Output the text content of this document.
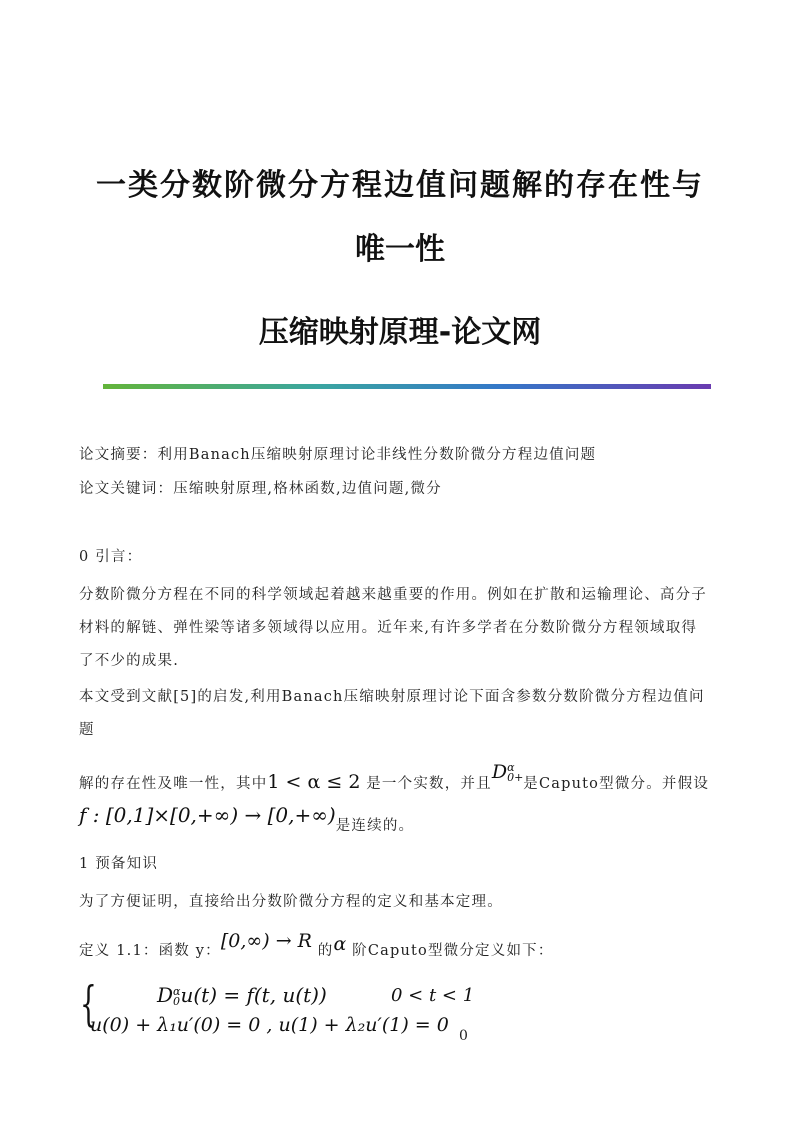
一类分数阶微分方程边值问题解的存在性与
唯一性
压缩映射原理-论文网
论文摘要：利用Banach压缩映射原理讨论非线性分数阶微分方程边值问题
论文关键词：压缩映射原理,格林函数,边值问题,微分
0 引言：
分数阶微分方程在不同的科学领域起着越来越重要的作用。例如在扩散和运输理论、高分子
材料的解链、弹性梁等诸多领域得以应用。近年来,有许多学者在分数阶微分方程领域取得
了不少的成果.
本文受到文献[5]的启发,利用Banach压缩映射原理讨论下面含参数分数阶微分方程边值问
题
解的存在性及唯一性，其中1 < α ≤ 2 是一个实数，并且D α
0+ 是Caputo型微分。并假设
f : [0,1]×[0,+∞) → [0,+∞)是连续的。
1 预备知识
为了方便证明，直接给出分数阶微分方程的定义和基本定理。
定义 1.1：函数 y：[0,∞) → R 的α 阶Caputo型微分定义如下：
{	D α
0 u(t) = f(t, u(t))	0 < t < 1
u(0) + λ₁u′(0) = 0 , u(1) + λ₂u′(1) = 0 0
